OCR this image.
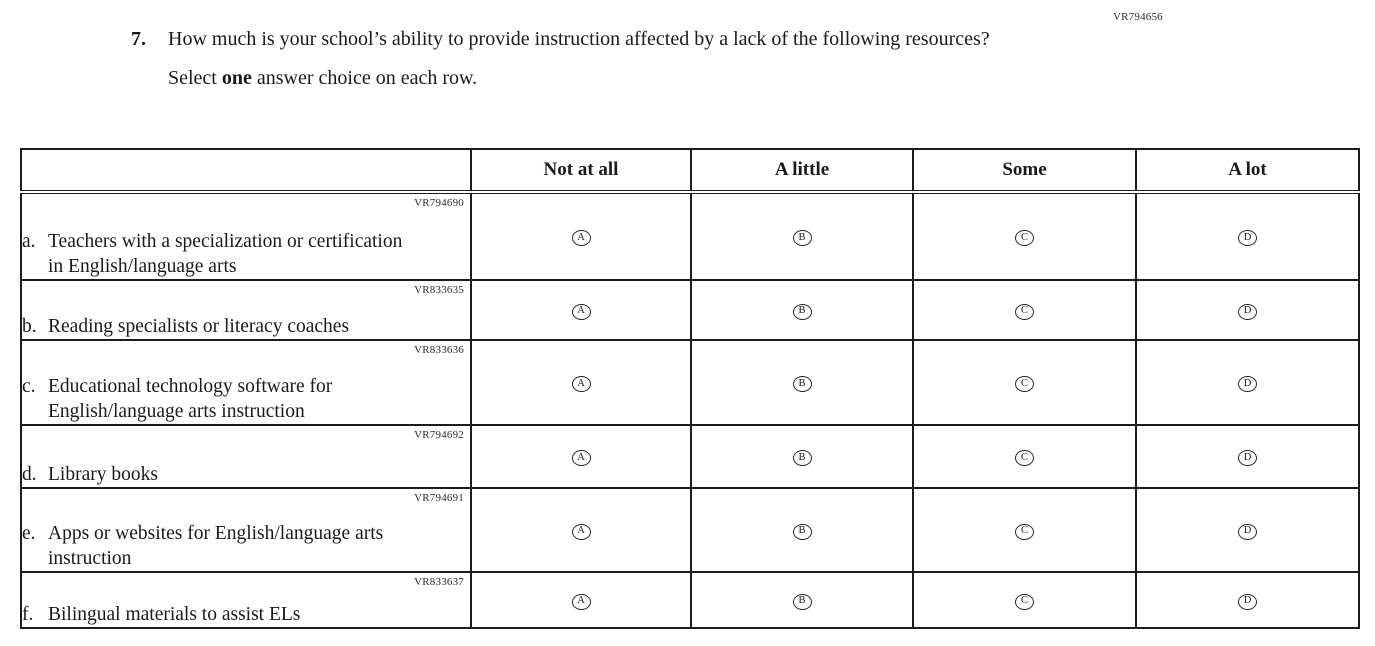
VR794656
7.	How much is your school’s ability to provide instruction affected by a lack of the following resources?
Select one answer choice on each row.
	Not at all	A little	Some	A lot

VR794690
a. Teachers with a specialization or certification in English/language arts	A	B	C	D

VR833635
b. Reading specialists or literacy coaches	A	B	C	D

VR833636
c. Educational technology software for English/language arts instruction	A	B	C	D

VR794692
d. Library books	A	B	C	D

VR794691
e. Apps or websites for English/language arts instruction	A	B	C	D

VR833637
f. Bilingual materials to assist ELs	A	B	C	D
